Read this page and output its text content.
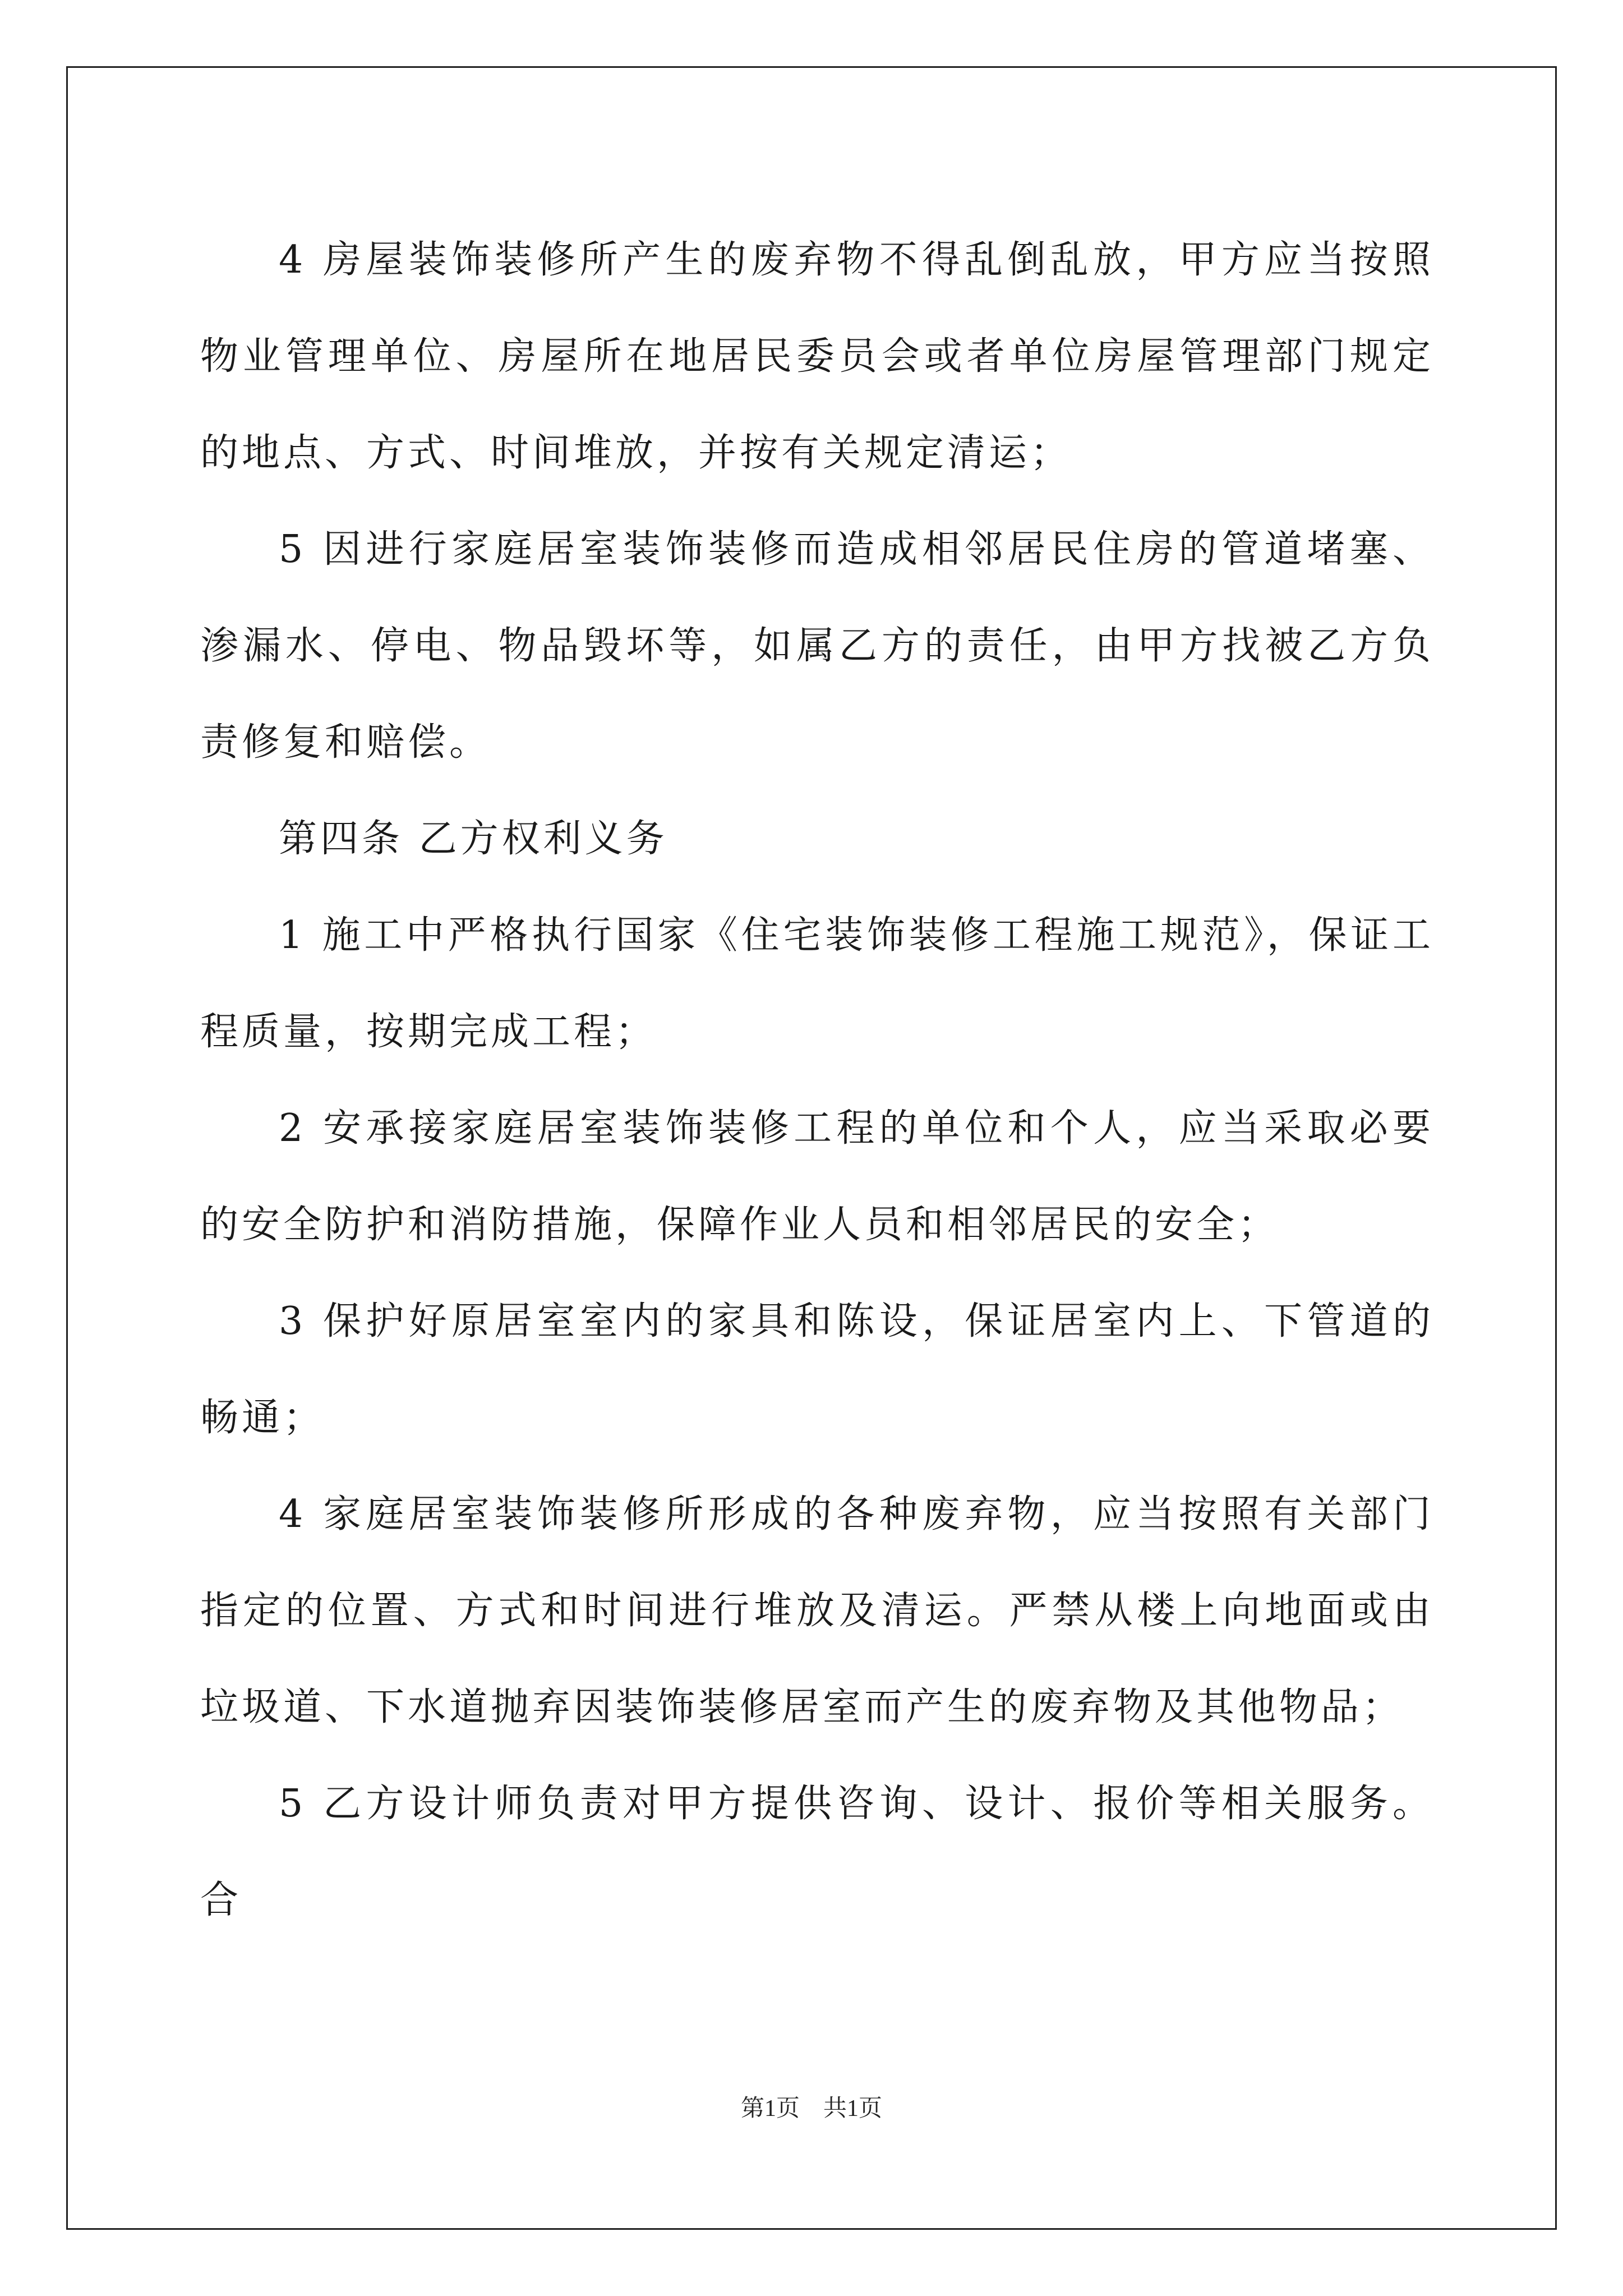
4 房屋装饰装修所产生的废弃物不得乱倒乱放，甲方应当按照物业管理单位、房屋所在地居民委员会或者单位房屋管理部门规定的地点、方式、时间堆放，并按有关规定清运；

5 因进行家庭居室装饰装修而造成相邻居民住房的管道堵塞、渗漏水、停电、物品毁坏等，如属乙方的责任，由甲方找被乙方负责修复和赔偿。

第四条 乙方权利义务

1 施工中严格执行国家《住宅装饰装修工程施工规范》，保证工程质量，按期完成工程；

2 安承接家庭居室装饰装修工程的单位和个人，应当采取必要的安全防护和消防措施，保障作业人员和相邻居民的安全；

3 保护好原居室室内的家具和陈设，保证居室内上、下管道的畅通；

4 家庭居室装饰装修所形成的各种废弃物，应当按照有关部门指定的位置、方式和时间进行堆放及清运。严禁从楼上向地面或由垃圾道、下水道抛弃因装饰装修居室而产生的废弃物及其他物品；

5 乙方设计师负责对甲方提供咨询、设计、报价等相关服务。合

第1页 共1页
